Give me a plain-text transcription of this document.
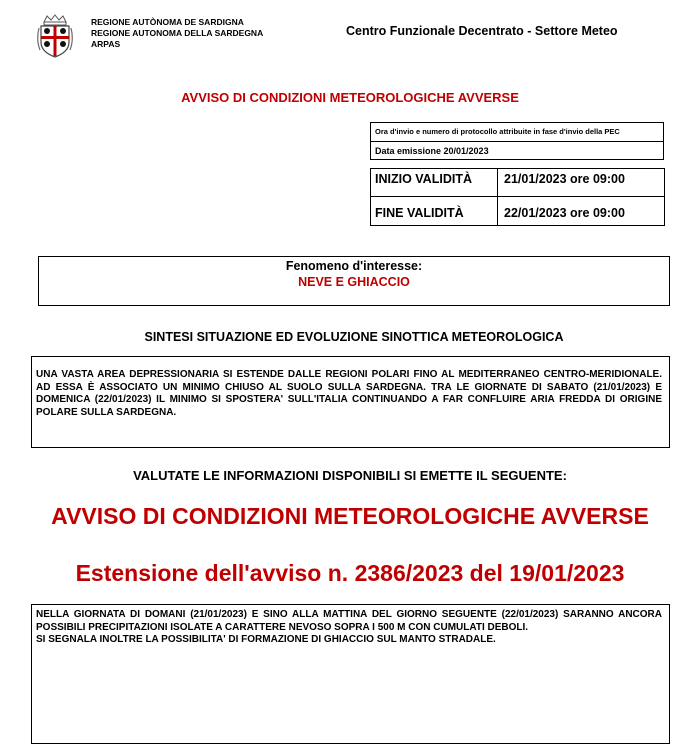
REGIONE AUTÒNOMA DE SARDIGNA
REGIONE AUTONOMA DELLA SARDEGNA
ARPAS
Centro Funzionale Decentrato - Settore Meteo
AVVISO DI CONDIZIONI METEOROLOGICHE AVVERSE
Ora d'invio e numero di protocollo attribuite in fase d'invio della PEC
Data emissione 20/01/2023
INIZIO VALIDITÀ	21/01/2023 ore 09:00
FINE VALIDITÀ	22/01/2023 ore 09:00
Fenomeno d'interesse:
NEVE E GHIACCIO
SINTESI SITUAZIONE ED EVOLUZIONE SINOTTICA METEOROLOGICA
UNA VASTA AREA DEPRESSIONARIA SI ESTENDE DALLE REGIONI POLARI FINO AL MEDITERRANEO CENTRO-MERIDIONALE. AD ESSA È ASSOCIATO UN MINIMO CHIUSO AL SUOLO SULLA SARDEGNA. TRA LE GIORNATE DI SABATO (21/01/2023) E DOMENICA (22/01/2023) IL MINIMO SI SPOSTERA' SULL'ITALIA CONTINUANDO A FAR CONFLUIRE ARIA FREDDA DI ORIGINE POLARE SULLA SARDEGNA.
VALUTATE LE INFORMAZIONI DISPONIBILI SI EMETTE IL SEGUENTE:
AVVISO DI CONDIZIONI METEOROLOGICHE AVVERSE
Estensione dell'avviso n. 2386/2023 del 19/01/2023
NELLA GIORNATA DI DOMANI (21/01/2023) E SINO ALLA MATTINA DEL GIORNO SEGUENTE (22/01/2023) SARANNO ANCORA POSSIBILI PRECIPITAZIONI ISOLATE A CARATTERE NEVOSO SOPRA I 500 M CON CUMULATI DEBOLI.
SI SEGNALA INOLTRE LA POSSIBILITA' DI FORMAZIONE DI GHIACCIO SUL MANTO STRADALE.
